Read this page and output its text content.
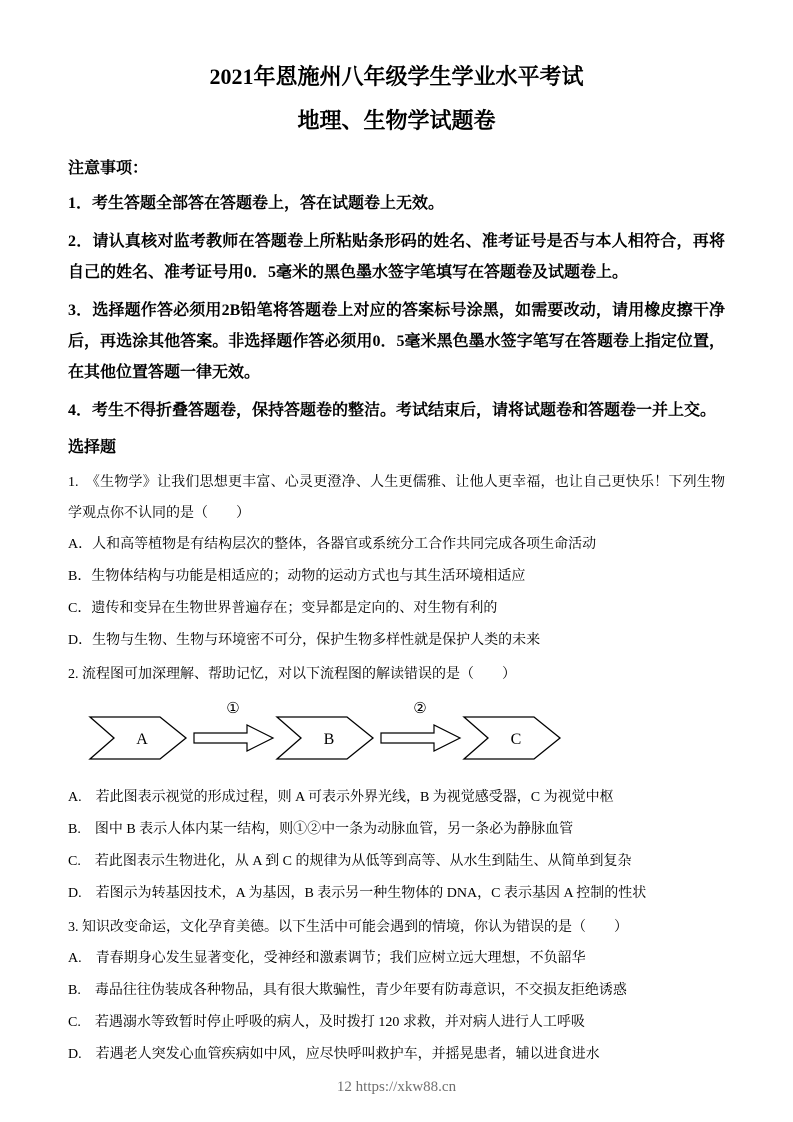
2021年恩施州八年级学生学业水平考试
地理、生物学试题卷
注意事项：

1．考生答题全部答在答题卷上，答在试题卷上无效。

2．请认真核对监考教师在答题卷上所粘贴条形码的姓名、准考证号是否与本人相符合，再将自己的姓名、准考证号用0．5毫米的黑色墨水签字笔填写在答题卷及试题卷上。

3．选择题作答必须用2B铅笔将答题卷上对应的答案标号涂黑，如需要改动，请用橡皮擦干净后，再选涂其他答案。非选择题作答必须用0．5毫米黑色墨水签字笔写在答题卷上指定位置，在其他位置答题一律无效。

4．考生不得折叠答题卷，保持答题卷的整洁。考试结束后，请将试题卷和答题卷一并上交。

选择题

1.　《生物学》让我们思想更丰富、心灵更澄净、人生更儒雅、让他人更幸福，也让自己更快乐！下列生物学观点你不认同的是（　　）

A．人和高等植物是有结构层次的整体，各器官或系统分工合作共同完成各项生命活动

B．生物体结构与功能是相适应的；动物的运动方式也与其生活环境相适应

C．遗传和变异在生物世界普遍存在；变异都是定向的、对生物有利的

D．生物与生物、生物与环境密不可分，保护生物多样性就是保护人类的未来

2. 流程图可加深理解、帮助记忆，对以下流程图的解读错误的是（　　）

A
①
B
②
C

A.　若此图表示视觉的形成过程，则 A 可表示外界光线，B 为视觉感受器，C 为视觉中枢

B.　图中 B 表示人体内某一结构，则①②中一条为动脉血管，另一条必为静脉血管

C.　若此图表示生物进化，从 A 到 C 的规律为从低等到高等、从水生到陆生、从简单到复杂

D.　若图示为转基因技术，A 为基因，B 表示另一种生物体的 DNA，C 表示基因 A 控制的性状

3. 知识改变命运，文化孕育美德。以下生活中可能会遇到的情境，你认为错误的是（　　）

A.　青春期身心发生显著变化，受神经和激素调节；我们应树立远大理想，不负韶华

B.　毒品往往伪装成各种物品，具有很大欺骗性，青少年要有防毒意识，不交损友拒绝诱惑

C.　若遇溺水等致暂时停止呼吸的病人，及时拨打 120 求救，并对病人进行人工呼吸

D.　若遇老人突发心血管疾病如中风，应尽快呼叫救护车，并摇晃患者，辅以进食进水

12 https://xkw88.cn
